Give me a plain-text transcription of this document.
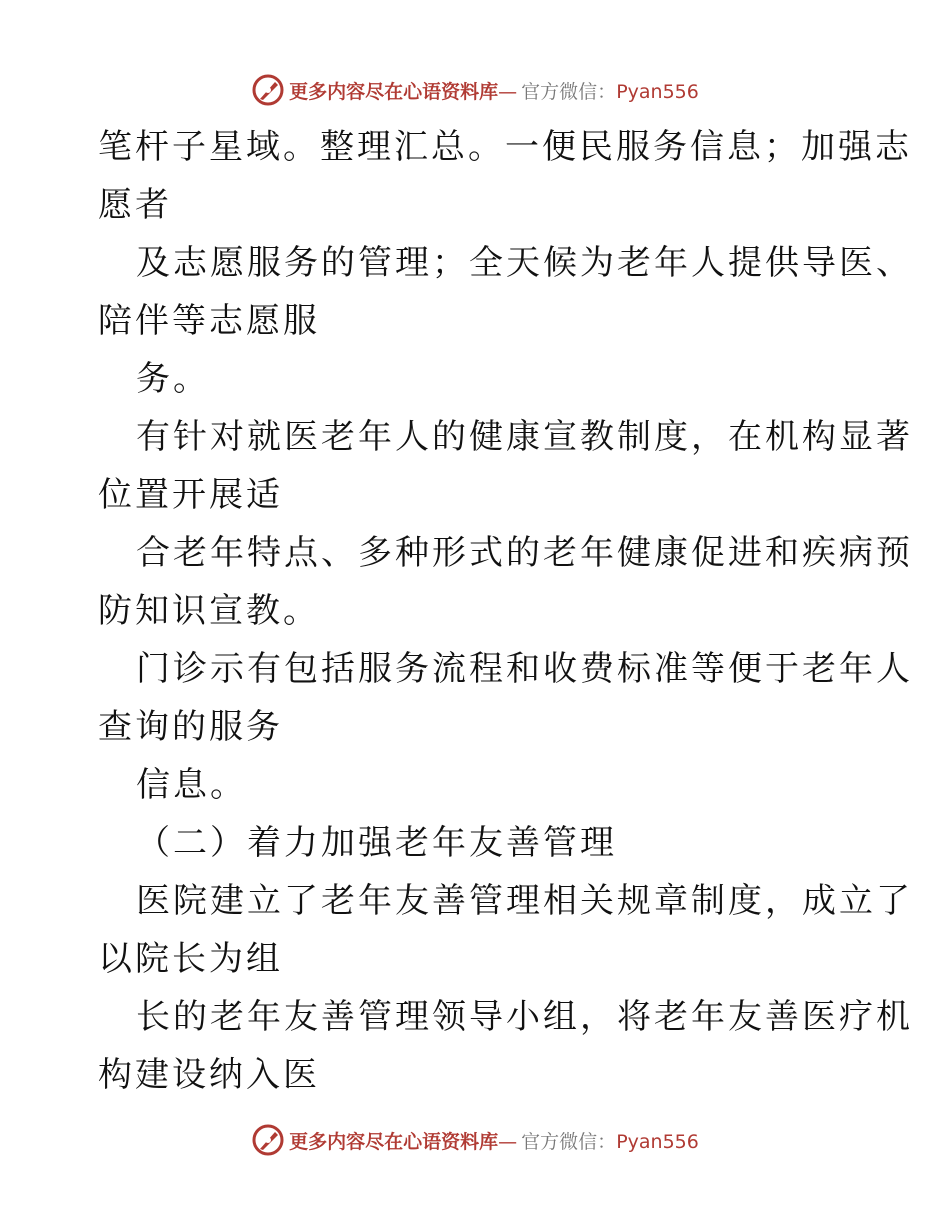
更多内容尽在心语资料库— 官方微信：Pyan556
笔杆子星域。整理汇总。一便民服务信息；加强志
愿者
及志愿服务的管理；全天候为老年人提供导医、
陪伴等志愿服
务。
有针对就医老年人的健康宣教制度，在机构显著
位置开展适
合老年特点、多种形式的老年健康促进和疾病预
防知识宣教。
门诊示有包括服务流程和收费标准等便于老年人
查询的服务
信息。
（二）着力加强老年友善管理
医院建立了老年友善管理相关规章制度，成立了
以院长为组
长的老年友善管理领导小组，将老年友善医疗机
构建设纳入医
更多内容尽在心语资料库— 官方微信：Pyan556
